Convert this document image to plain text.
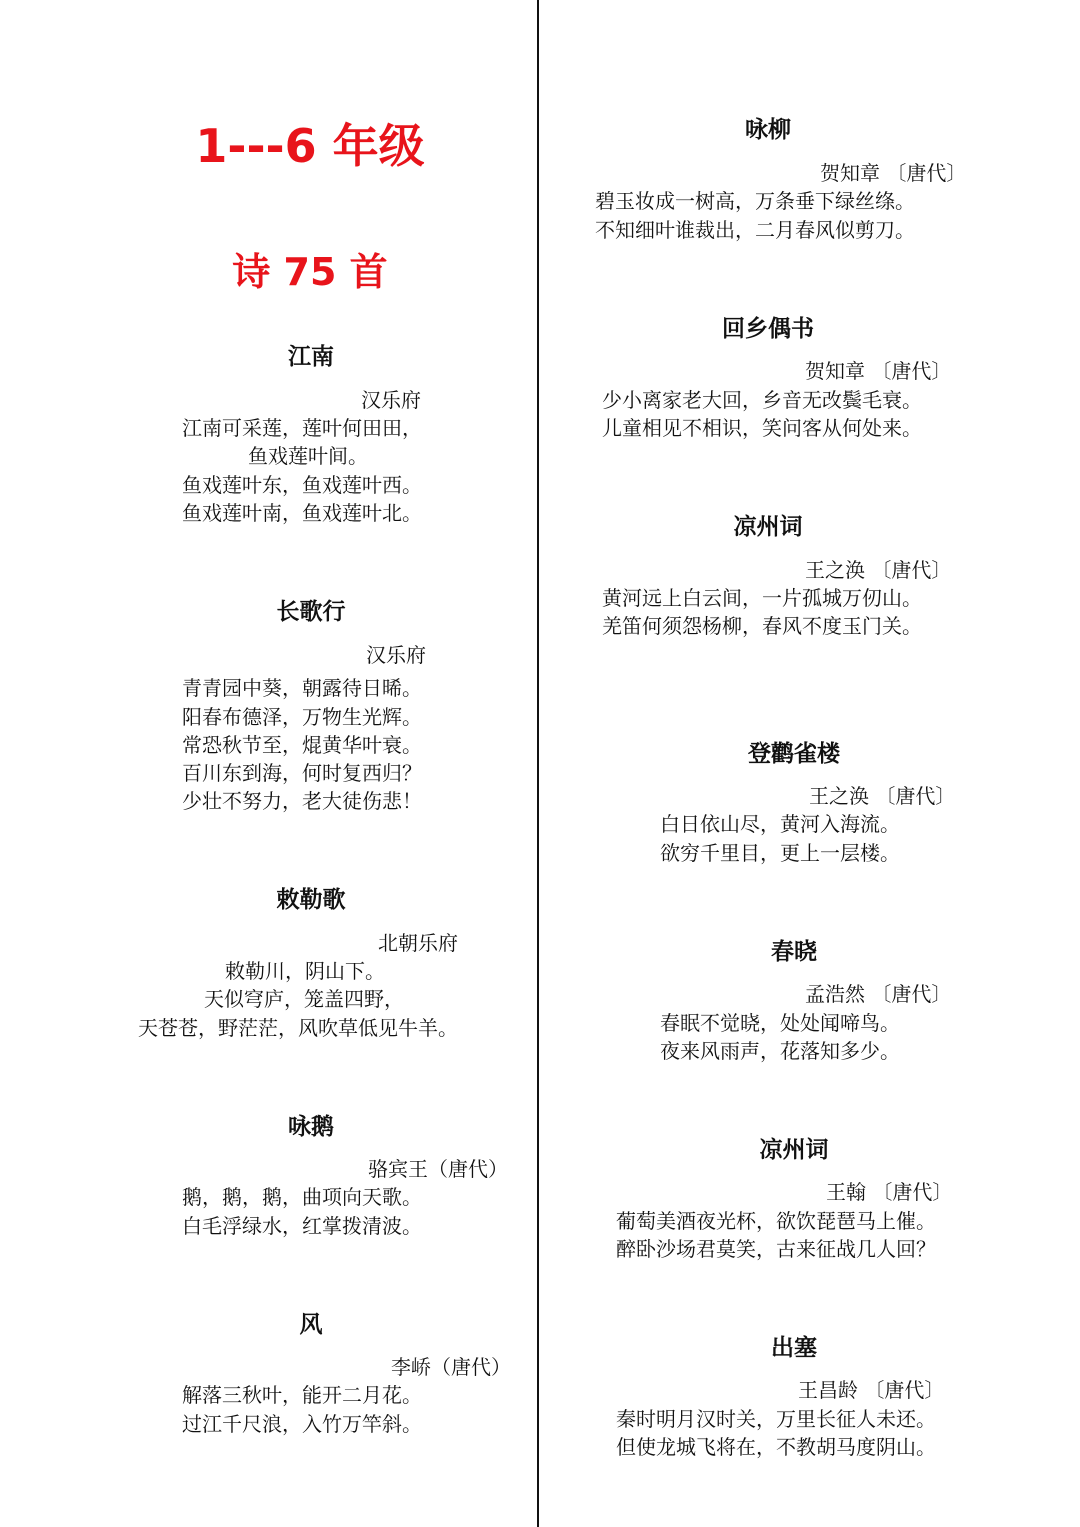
1---6 年级
诗 75 首
江南
汉乐府
江南可采莲，莲叶何田田，
鱼戏莲叶间。
鱼戏莲叶东，鱼戏莲叶西。
鱼戏莲叶南，鱼戏莲叶北。
长歌行
汉乐府
青青园中葵，朝露待日晞。
阳春布德泽，万物生光辉。
常恐秋节至，焜黄华叶衰。
百川东到海，何时复西归？
少壮不努力，老大徒伤悲！
敕勒歌
北朝乐府
敕勒川，阴山下。
天似穹庐，笼盖四野，
天苍苍，野茫茫，风吹草低见牛羊。
咏鹅
骆宾王（唐代）
鹅，鹅，鹅，曲项向天歌。
白毛浮绿水，红掌拨清波。
风
李峤（唐代）
解落三秋叶，能开二月花。
过江千尺浪，入竹万竿斜。
咏柳
贺知章 〔唐代〕
碧玉妆成一树高，万条垂下绿丝绦。
不知细叶谁裁出，二月春风似剪刀。
回乡偶书
贺知章 〔唐代〕
少小离家老大回，乡音无改鬓毛衰。
儿童相见不相识，笑问客从何处来。
凉州词
王之涣 〔唐代〕
黄河远上白云间，一片孤城万仞山。
羌笛何须怨杨柳，春风不度玉门关。
登鹳雀楼
王之涣 〔唐代〕
白日依山尽，黄河入海流。
欲穷千里目，更上一层楼。
春晓
孟浩然 〔唐代〕
春眠不觉晓，处处闻啼鸟。
夜来风雨声，花落知多少。
凉州词
王翰 〔唐代〕
葡萄美酒夜光杯，欲饮琵琶马上催。
醉卧沙场君莫笑，古来征战几人回？
出塞
王昌龄 〔唐代〕
秦时明月汉时关，万里长征人未还。
但使龙城飞将在，不教胡马度阴山。
